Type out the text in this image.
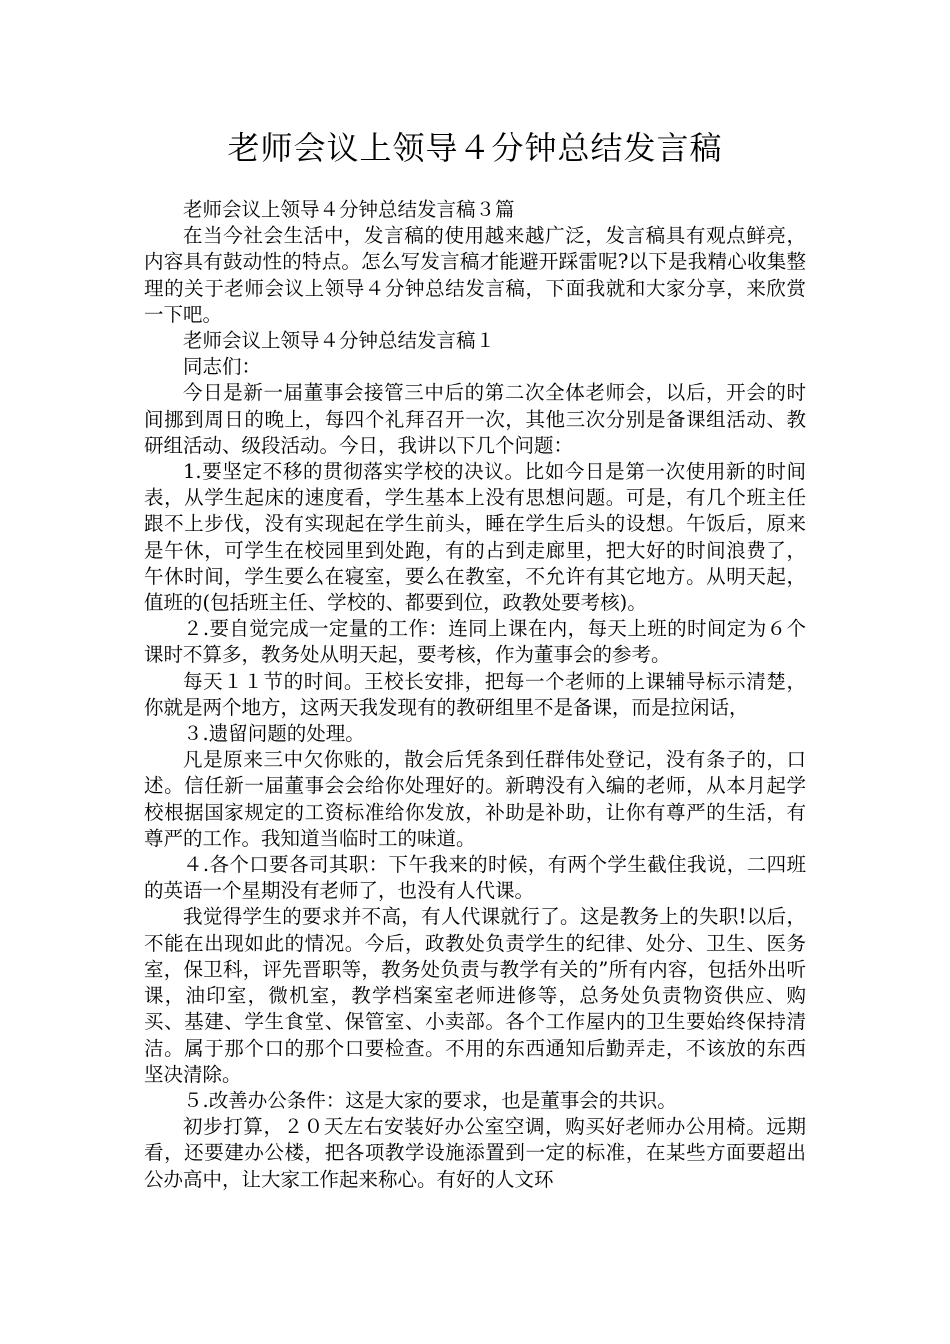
老师会议上领导４分钟总结发言稿

老师会议上领导４分钟总结发言稿３篇

在当今社会生活中，发言稿的使用越来越广泛，发言稿具有观点鲜亮，内容具有鼓动性的特点。怎么写发言稿才能避开踩雷呢?以下是我精心收集整理的关于老师会议上领导４分钟总结发言稿，下面我就和大家分享，来欣赏一下吧。

老师会议上领导４分钟总结发言稿１

同志们：

今日是新一届董事会接管三中后的第二次全体老师会，以后，开会的时间挪到周日的晚上，每四个礼拜召开一次，其他三次分别是备课组活动、教研组活动、级段活动。今日，我讲以下几个问题：

1.要坚定不移的贯彻落实学校的决议。比如今日是第一次使用新的时间表，从学生起床的速度看，学生基本上没有思想问题。可是，有几个班主任跟不上步伐，没有实现起在学生前头，睡在学生后头的设想。午饭后，原来是午休，可学生在校园里到处跑，有的占到走廊里，把大好的时间浪费了，午休时间，学生要么在寝室，要么在教室，不允许有其它地方。从明天起，值班的(包括班主任、学校的、都要到位，政教处要考核)。

２.要自觉完成一定量的工作：连同上课在内，每天上班的时间定为６个课时不算多，教务处从明天起，要考核，作为董事会的参考。

每天１１节的时间。王校长安排，把每一个老师的上课辅导标示清楚，你就是两个地方，这两天我发现有的教研组里不是备课，而是拉闲话，

３.遗留问题的处理。

凡是原来三中欠你账的，散会后凭条到任群伟处登记，没有条子的，口述。信任新一届董事会会给你处理好的。新聘没有入编的老师，从本月起学校根据国家规定的工资标准给你发放，补助是补助，让你有尊严的生活，有尊严的工作。我知道当临时工的味道。

４.各个口要各司其职：下午我来的时候，有两个学生截住我说，二四班的英语一个星期没有老师了，也没有人代课。

我觉得学生的要求并不高，有人代课就行了。这是教务上的失职!以后，不能在出现如此的情况。今后，政教处负责学生的纪律、处分、卫生、医务室，保卫科，评先晋职等，教务处负责与教学有关的”所有内容，包括外出听课，油印室，微机室，教学档案室老师进修等，总务处负责物资供应、购买、基建、学生食堂、保管室、小卖部。各个工作屋内的卫生要始终保持清洁。属于那个口的那个口要检查。不用的东西通知后勤弄走，不该放的东西坚决清除。

５.改善办公条件：这是大家的要求，也是董事会的共识。

初步打算，２０天左右安装好办公室空调，购买好老师办公用椅。远期看，还要建办公楼，把各项教学设施添置到一定的标准，在某些方面要超出公办高中，让大家工作起来称心。有好的人文环
